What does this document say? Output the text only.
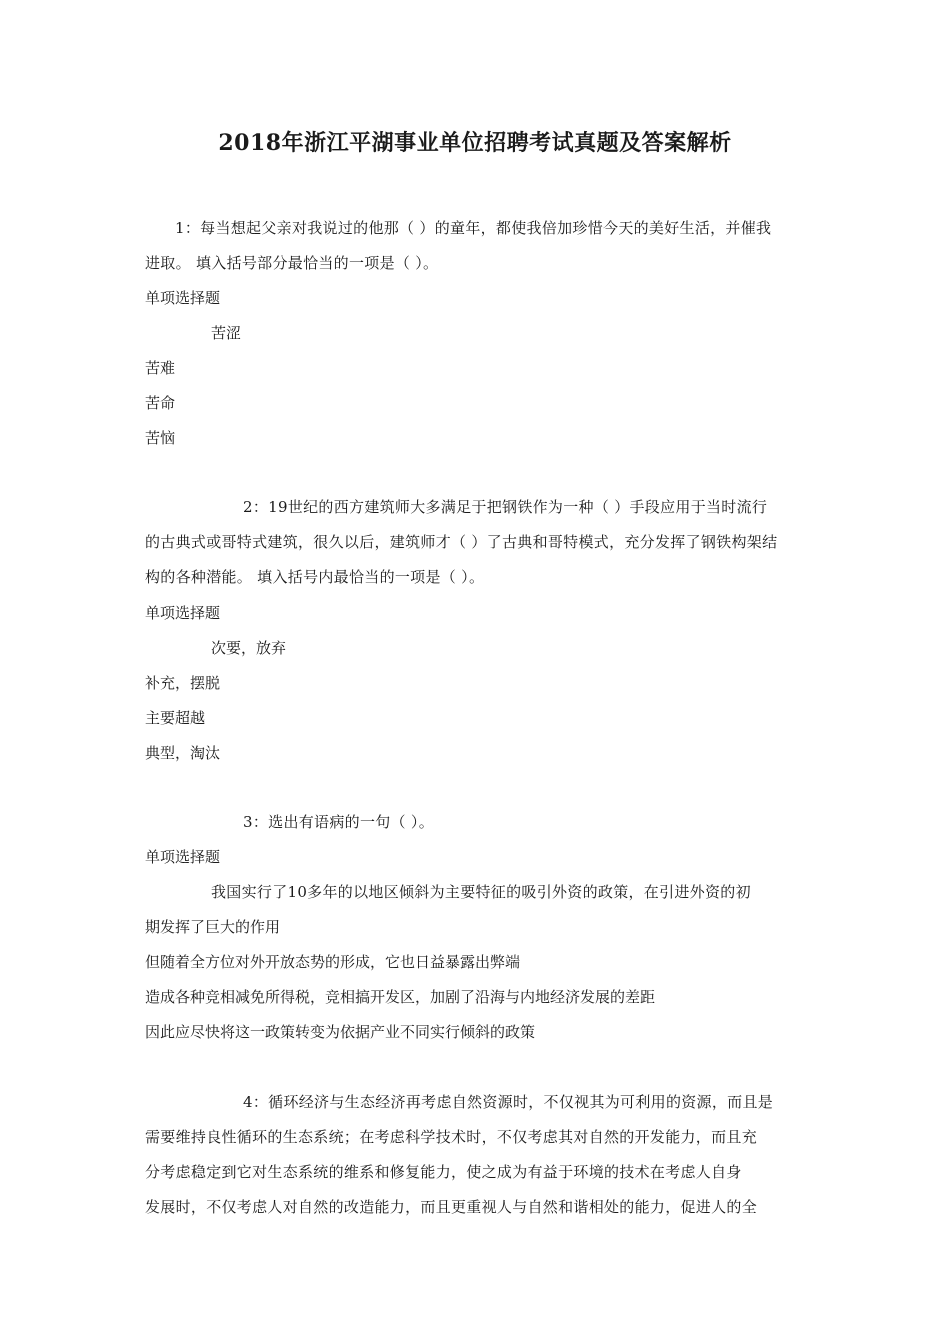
2018年浙江平湖事业单位招聘考试真题及答案解析
1：每当想起父亲对我说过的他那（ ）的童年，都使我倍加珍惜今天的美好生活，并催我
进取。 填入括号部分最恰当的一项是（ ）。
单项选择题
苦涩
苦难
苦命
苦恼
2：19世纪的西方建筑师大多满足于把钢铁作为一种（ ）手段应用于当时流行
的古典式或哥特式建筑，很久以后，建筑师才（ ）了古典和哥特模式，充分发挥了钢铁构架结
构的各种潜能。 填入括号内最恰当的一项是（ ）。
单项选择题
次要，放弃
补充，摆脱
主要超越
典型，淘汰
3：选出有语病的一句（ ）。
单项选择题
我国实行了10多年的以地区倾斜为主要特征的吸引外资的政策，在引进外资的初
期发挥了巨大的作用
但随着全方位对外开放态势的形成，它也日益暴露出弊端
造成各种竞相减免所得税，竞相搞开发区，加剧了沿海与内地经济发展的差距
因此应尽快将这一政策转变为依据产业不同实行倾斜的政策
4：循环经济与生态经济再考虑自然资源时，不仅视其为可利用的资源，而且是
需要维持良性循环的生态系统；在考虑科学技术时，不仅考虑其对自然的开发能力，而且充
分考虑稳定到它对生态系统的维系和修复能力，使之成为有益于环境的技术在考虑人自身
发展时，不仅考虑人对自然的改造能力，而且更重视人与自然和谐相处的能力，促进人的全
